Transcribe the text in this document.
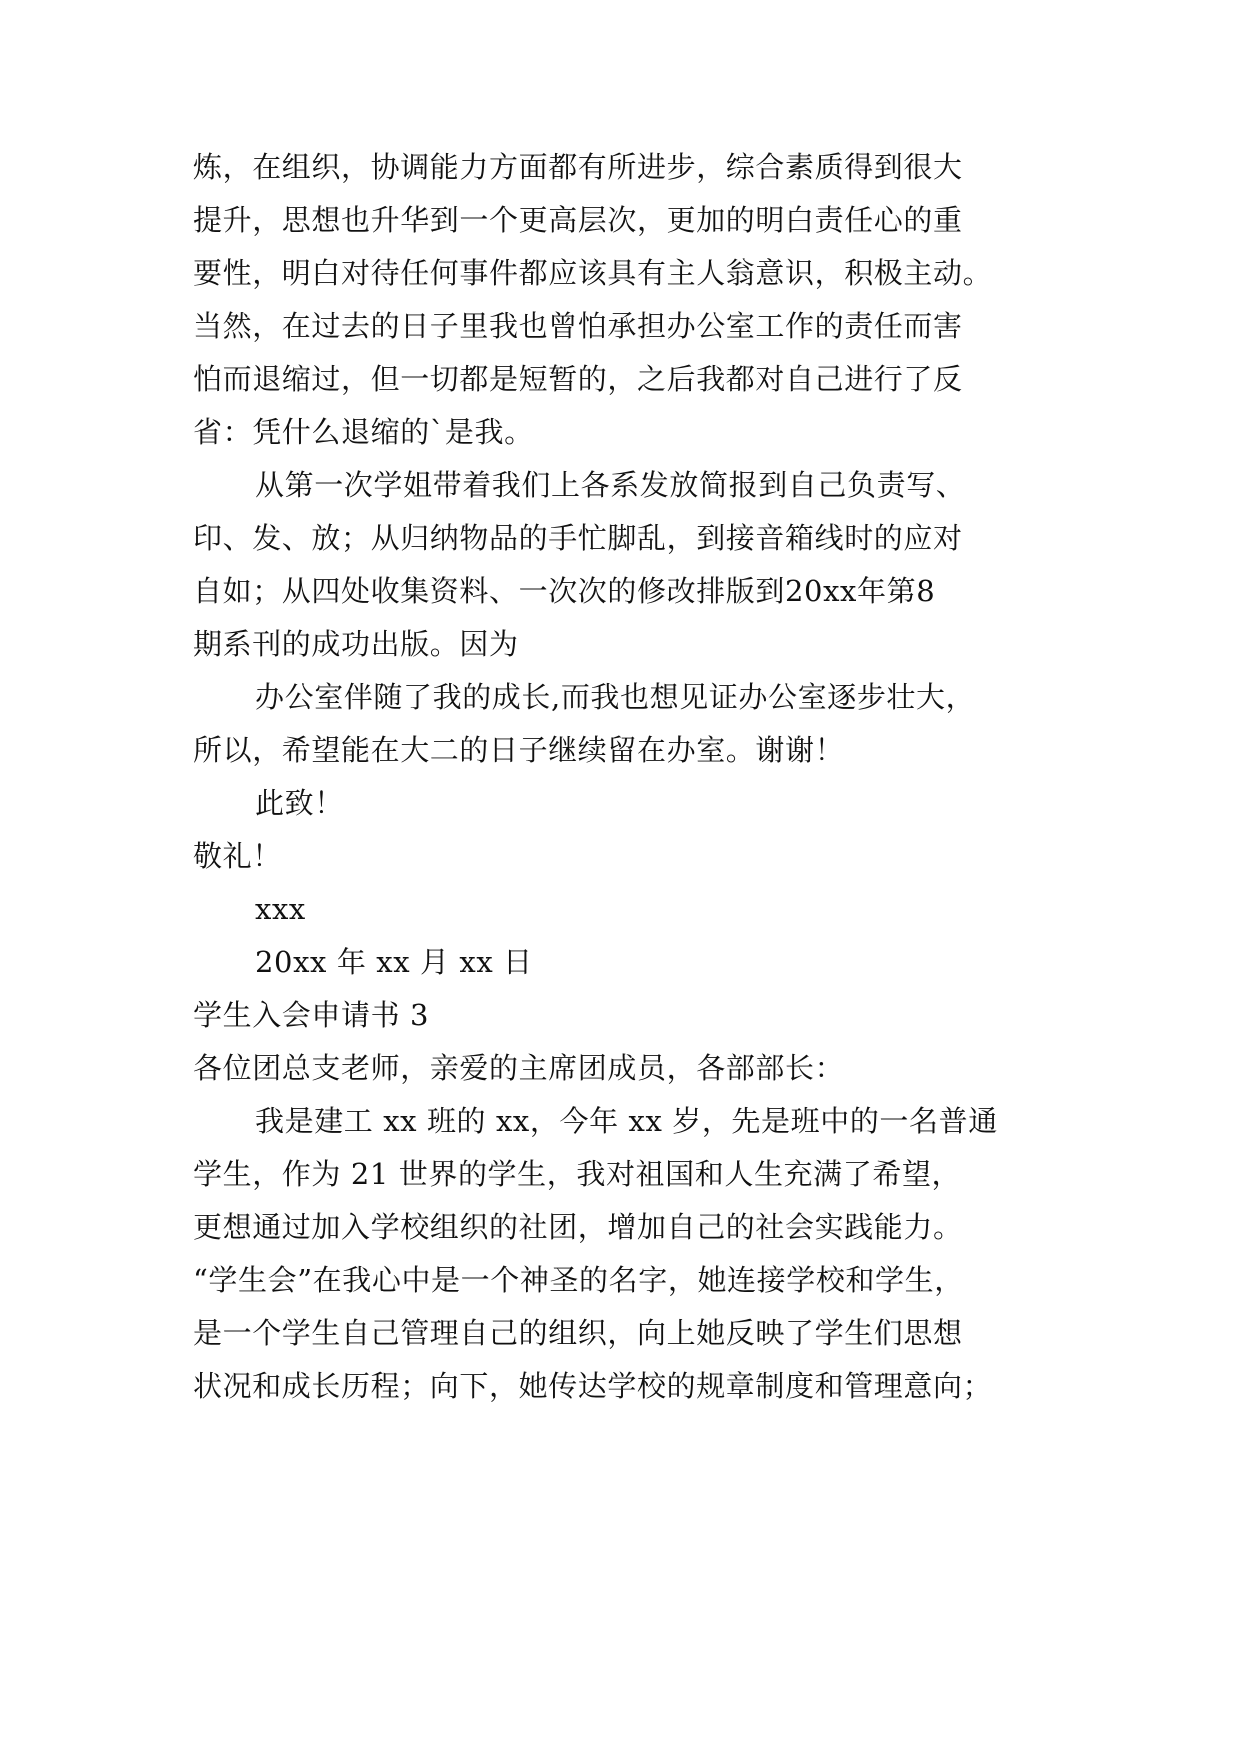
炼，在组织，协调能力方面都有所进步，综合素质得到很大
提升，思想也升华到一个更高层次，更加的明白责任心的重
要性，明白对待任何事件都应该具有主人翁意识，积极主动。
当然，在过去的日子里我也曾怕承担办公室工作的责任而害
怕而退缩过，但一切都是短暂的，之后我都对自己进行了反
省：凭什么退缩的`是我。
从第一次学姐带着我们上各系发放简报到自己负责写、
印、发、放；从归纳物品的手忙脚乱，到接音箱线时的应对
自如；从四处收集资料、一次次的修改排版到20xx年第8
期系刊的成功出版。因为
办公室伴随了我的成长,而我也想见证办公室逐步壮大，
所以，希望能在大二的日子继续留在办室。谢谢！
此致！
敬礼！
xxx
20xx 年 xx 月 xx 日
学生入会申请书 3
各位团总支老师，亲爱的主席团成员，各部部长：
我是建工 xx 班的 xx，今年 xx 岁，先是班中的一名普通
学生，作为 21 世界的学生，我对祖国和人生充满了希望，
更想通过加入学校组织的社团，增加自己的社会实践能力。
“学生会”在我心中是一个神圣的名字，她连接学校和学生，
是一个学生自己管理自己的组织，向上她反映了学生们思想
状况和成长历程；向下，她传达学校的规章制度和管理意向；
